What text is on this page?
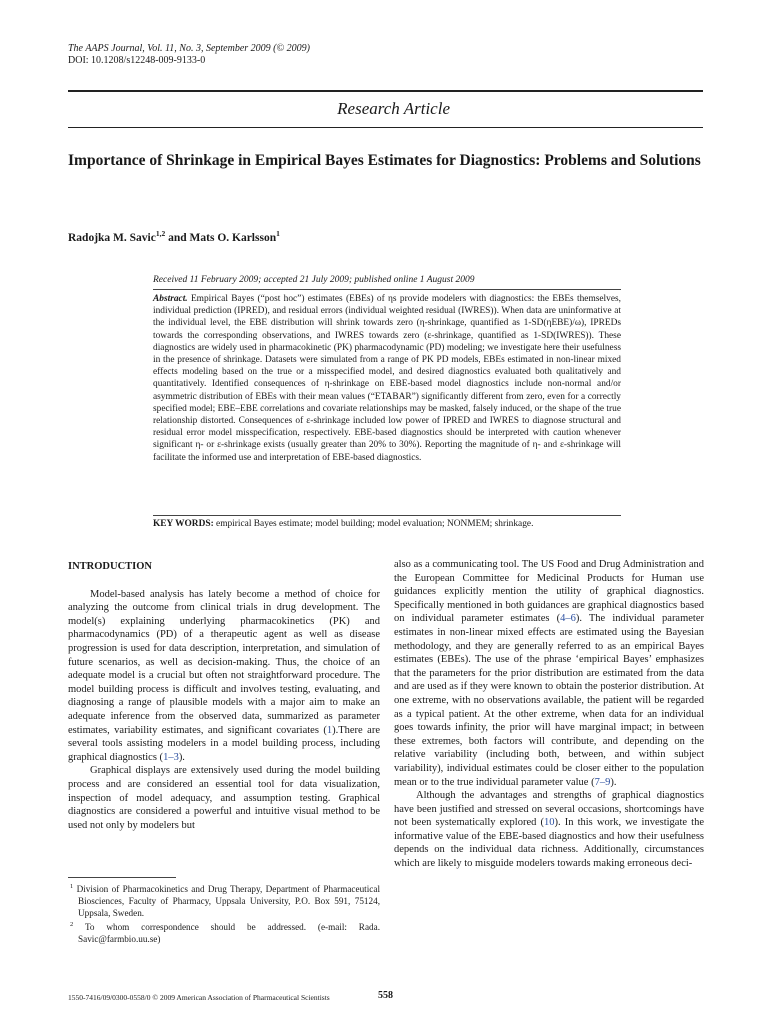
The AAPS Journal, Vol. 11, No. 3, September 2009 (© 2009)
DOI: 10.1208/s12248-009-9133-0
Research Article
Importance of Shrinkage in Empirical Bayes Estimates for Diagnostics: Problems and Solutions
Radojka M. Savic$^{1,2}$ and Mats O. Karlsson$^1$
Received 11 February 2009; accepted 21 July 2009; published online 1 August 2009
Abstract. Empirical Bayes (“post hoc”) estimates (EBEs) of ηs provide modelers with diagnostics: the EBEs themselves, individual prediction (IPRED), and residual errors (individual weighted residual (IWRES)). When data are uninformative at the individual level, the EBE distribution will shrink towards zero (η-shrinkage, quantified as 1-SD(ηEBE)/ω), IPREDs towards the corresponding observations, and IWRES towards zero (ε-shrinkage, quantified as 1-SD(IWRES)). These diagnostics are widely used in pharmacokinetic (PK) pharmacodynamic (PD) modeling; we investigate here their usefulness in the presence of shrinkage. Datasets were simulated from a range of PK PD models, EBEs estimated in non-linear mixed effects modeling based on the true or a misspecified model, and desired diagnostics evaluated both qualitatively and quantitatively. Identified consequences of η-shrinkage on EBE-based model diagnostics include non-normal and/or asymmetric distribution of EBEs with their mean values (“ETABAR”) significantly different from zero, even for a correctly specified model; EBE–EBE correlations and covariate relationships may be masked, falsely induced, or the shape of the true relationship distorted. Consequences of ε-shrinkage included low power of IPRED and IWRES to diagnose structural and residual error model misspecification, respectively. EBE-based diagnostics should be interpreted with caution whenever significant η- or ε-shrinkage exists (usually greater than 20% to 30%). Reporting the magnitude of η- and ε-shrinkage will facilitate the informed use and interpretation of EBE-based diagnostics.
KEY WORDS: empirical Bayes estimate; model building; model evaluation; NONMEM; shrinkage.
INTRODUCTION

Model-based analysis has lately become a method of choice for analyzing the outcome from clinical trials in drug development. The model(s) explaining underlying pharmacokinetics (PK) and pharmacodynamics (PD) of a therapeutic agent as well as disease progression is used for data description, interpretation, and simulation of future scenarios, as well as decision-making. Thus, the choice of an adequate model is a crucial but often not straightforward procedure. The model building process is difficult and involves testing, evaluating, and diagnosing a range of plausible models with a major aim to make an adequate inference from the observed data, summarized as parameter estimates, variability estimates, and significant covariates (1).There are several tools assisting modelers in a model building process, including graphical diagnostics (1–3).

Graphical displays are extensively used during the model building process and are considered an essential tool for data visualization, inspection of model adequacy, and assumption testing. Graphical diagnostics are considered a powerful and intuitive visual method to be used not only by modelers but

also as a communicating tool. The US Food and Drug Administration and the European Committee for Medicinal Products for Human use guidances explicitly mention the utility of graphical diagnostics. Specifically mentioned in both guidances are graphical diagnostics based on individual parameter estimates (4–6). The individual parameter estimates in non-linear mixed effects are estimated using the Bayesian methodology, and they are generally referred to as an empirical Bayes estimates (EBEs). The use of the phrase ‘empirical Bayes’ emphasizes that the parameters for the prior distribution are estimated from the data and are used as if they were known to obtain the posterior distribution. At one extreme, with no observations available, the patient will be regarded as a typical patient. At the other extreme, when data for an individual goes towards infinity, the prior will have marginal impact; in between these extremes, both factors will contribute, and depending on the relative variability (including both, between, and within subject variability), individual estimates could be closer either to the population mean or to the true individual parameter value (7–9).

Although the advantages and strengths of graphical diagnostics have been justified and stressed on several occasions, shortcomings have not been systematically explored (10). In this work, we investigate the informative value of the EBE-based diagnostics and how their usefulness depends on the individual data richness. Additionally, circumstances which are likely to misguide modelers towards making erroneous deci-

$^1$ Division of Pharmacokinetics and Drug Therapy, Department of Pharmaceutical Biosciences, Faculty of Pharmacy, Uppsala University, P.O. Box 591, 75124, Uppsala, Sweden.
$^2$ To whom correspondence should be addressed. (e-mail: Rada. Savic@farmbio.uu.se)
1550-7416/09/0300-0558/0 © 2009 American Association of Pharmaceutical Scientists	558
